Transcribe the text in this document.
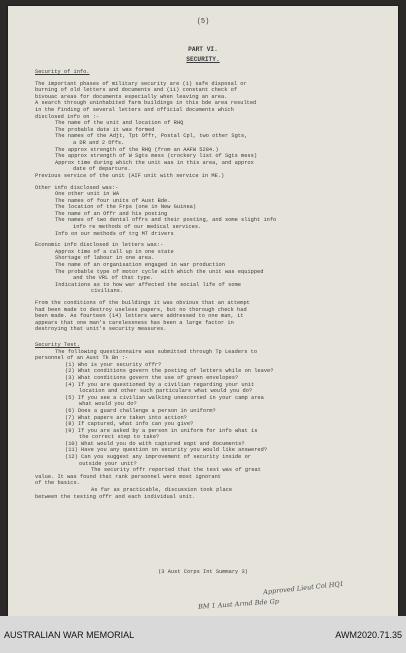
(5)
PART VI.
SECURITY.

Security of info.

The important phases of military security are (i) safe disposal or

burning of old letters and documents and (ii) constant check of

bivouac areas for documents especially when leaving an area.

A search through uninhabited farm buildings in this bde area resulted

in the finding of several letters and official documents which

disclosed info on :-

The name of the unit and location of RHQ

The probable date it was formed

The names of the Adjt, Tpt Offr, Postal Cpl, two other Sgts,

a DR and 2 Offs.

The approx strength of the RHQ (from an AAFW 5284.)

The approx strength of W Sgts mess (crockery list of Sgts mess)

Approx time during which the unit was in this area, and approx

date of departure.

Previous service of the unit (AIF unit with service in ME.)

Other info disclosed was:-

One other unit in WA

The names of four units of Aust Bde.

The location of the Frps (one in New Guinea)

The name of an Offr and his posting

The names of two dental offrs and their posting, and some slight info

info re methods of our medical services.

Info on our methods of trg MT drivers

Economic info disclosed in letters was:-

Approx time of a call up in one state

Shortage of labour in one area.

The name of an organisation engaged in war production

The probable type of motor cycle with which the unit was equipped

and the VRL of that type.

Indications as to how war affected the social life of some

civilians.

From the conditions of the buildings it was obvious that an attempt

had been made to destroy useless papers, but no thorough check had

been made. As fourteen (14) letters were addressed to one man, it

appears that one man's carelessness has been a large factor in

destroying that unit's security measures.

Security Test.

The following questionnaire was submitted through Tp Leaders to

personnel of an Aust Tk Bn :-

(1) Who is your security offr?

(2) What conditions govern the posting of letters while on leave?

(3) What conditions govern the use of green envelopes?

(4) If you are questioned by a civilian regarding your unit

location and other such particulars what would you do?

(5) If you see a civilian walking unescorted in your camp area

what would you do?

(6) Does a guard challenge a person in uniform?

(7) What papers are taken into action?

(8) If captured, what info can you give?

(9) If you are asked by a person in uniform for info what is

the correct step to take?

(10) What would you do with captured eqpt and documents?

(11) Have you any question on security you would like answered?

(12) Can you suggest any improvement of security inside or

outside your unit?

The security offr reported that the test was of great

value. It was found that rank personnel were most ignorant

of the basics.

As far as practicable, discussion took place

between the testing offr and each individual unit.

(3 Aust Corps Int Summary 3)
Approved Lieut Col HQ1
BM 1 Aust Armd Bde Gp
AUSTRALIAN WAR MEMORIAL	AWM2020.71.35
